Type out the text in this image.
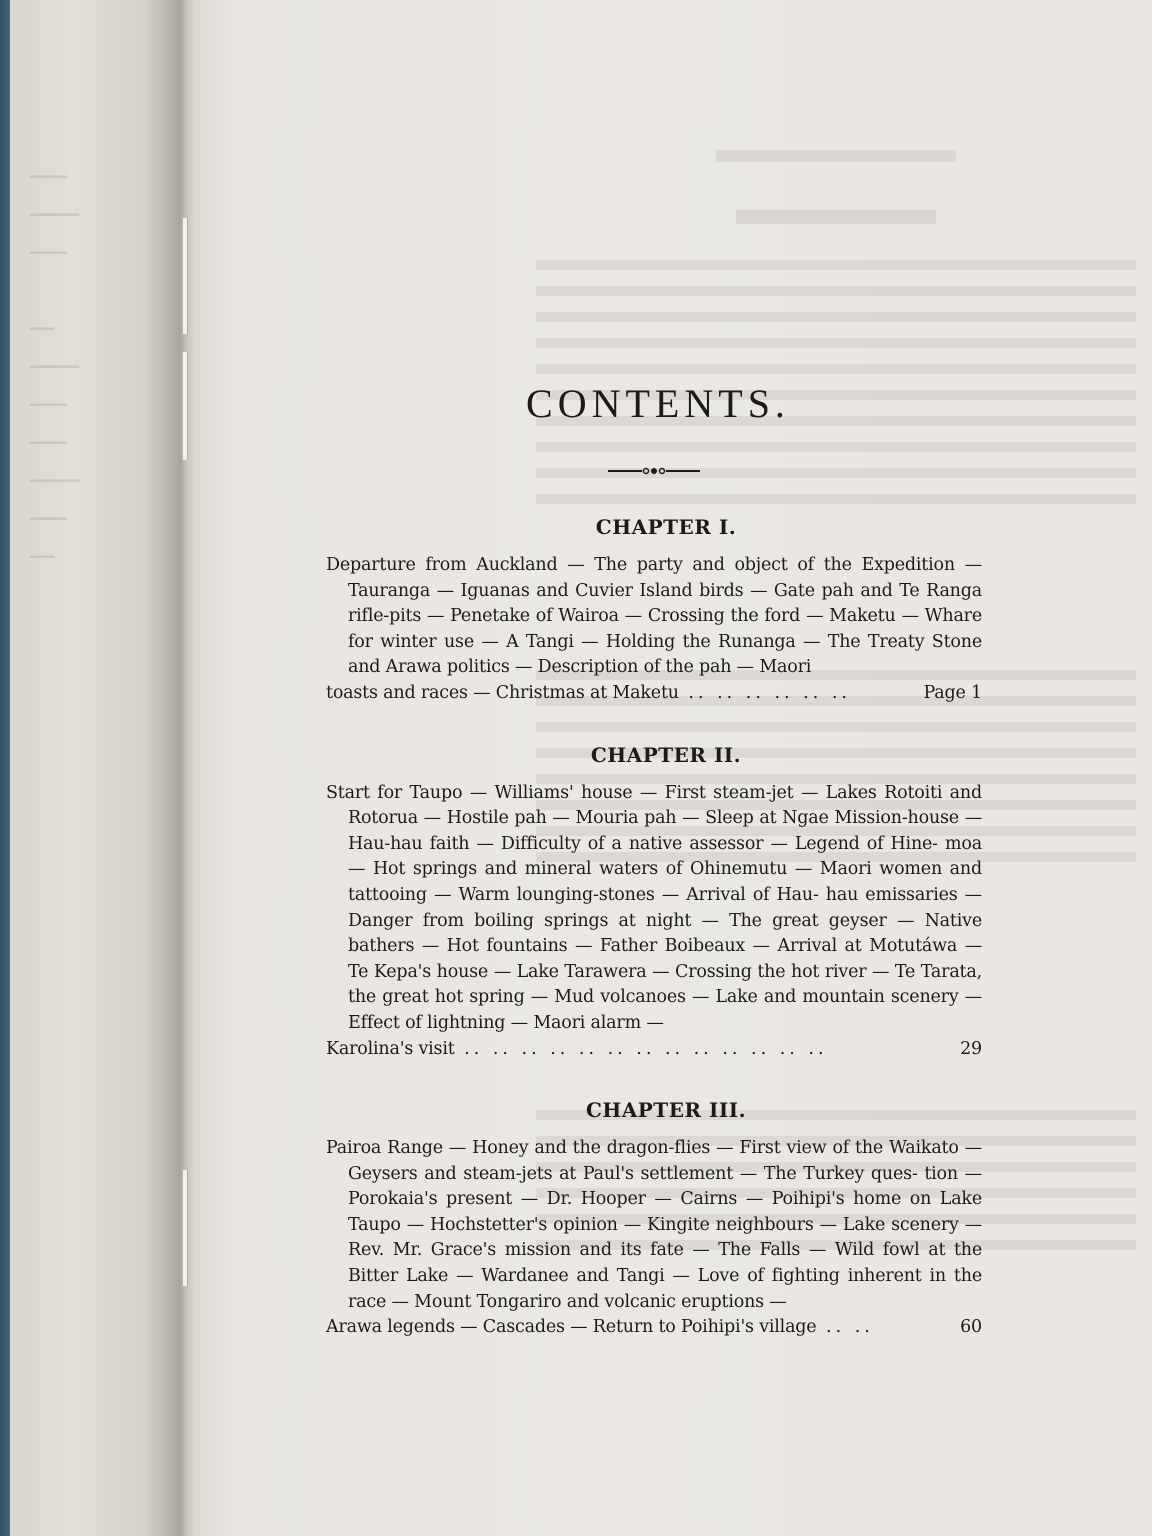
▁▁▁
▁▁▁▁
▁▁▁

▁▁
▁▁▁▁
▁▁▁
▁▁▁
▁▁▁▁
▁▁▁
▁▁
CONTENTS.
CHAPTER I.
Departure from Auckland — The party and object of the Expedition — Tauranga — Iguanas and Cuvier Island birds — Gate pah and Te Ranga rifle-pits — Penetake of Wairoa — Crossing the ford — Maketu — Whare for winter use — A Tangi — Holding the Runanga — The Treaty Stone and Arawa politics — Description of the pah — Maori
toasts and races — Christmas at Maketu .. .. .. .. .. ..	Page 1
CHAPTER II.
Start for Taupo — Williams' house — First steam-jet — Lakes Rotoiti and Rotorua — Hostile pah — Mouria pah — Sleep at Ngae Mission-house — Hau-hau faith — Difficulty of a native assessor — Legend of Hine- moa — Hot springs and mineral waters of Ohinemutu — Maori women and tattooing — Warm lounging-stones — Arrival of Hau- hau emissaries — Danger from boiling springs at night — The great geyser — Native bathers — Hot fountains — Father Boibeaux — Arrival at Motutáwa — Te Kepa's house — Lake Tarawera — Crossing the hot river — Te Tarata, the great hot spring — Mud volcanoes — Lake and mountain scenery — Effect of lightning — Maori alarm —
Karolina's visit .. .. .. .. .. .. .. .. .. .. .. .. ..	29
CHAPTER III.
Pairoa Range — Honey and the dragon-flies — First view of the Waikato — Geysers and steam-jets at Paul's settlement — The Turkey ques- tion — Porokaia's present — Dr. Hooper — Cairns — Poihipi's home on Lake Taupo — Hochstetter's opinion — Kingite neighbours — Lake scenery — Rev. Mr. Grace's mission and its fate — The Falls — Wild fowl at the Bitter Lake — Wardanee and Tangi — Love of fighting inherent in the race — Mount Tongariro and volcanic eruptions —
Arawa legends — Cascades — Return to Poihipi's village .. ..	60
